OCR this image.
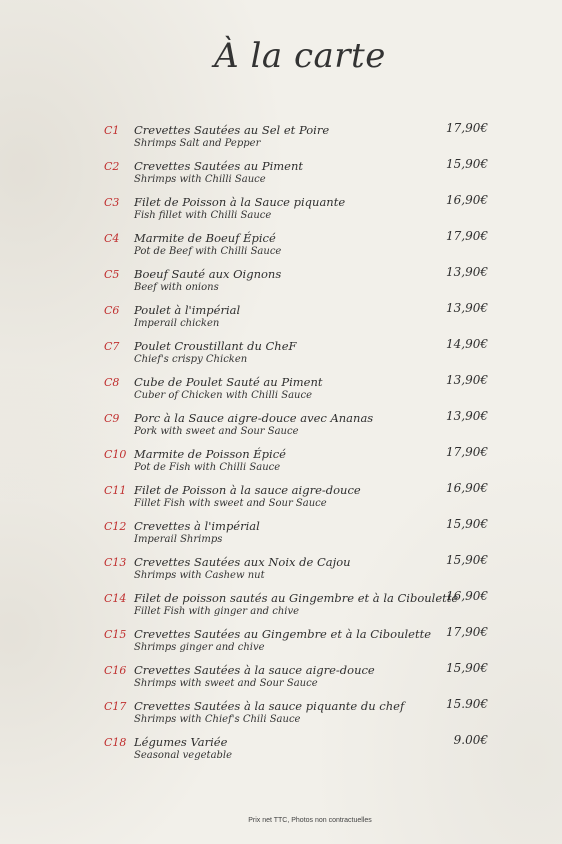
À la carte
C1 Crevettes Sautées au Sel et Poire
Shrimps Salt and Pepper
17,90€
C2 Crevettes Sautées au Piment
Shrimps with Chilli Sauce
15,90€
C3 Filet de Poisson à la Sauce piquante
Fish fillet with Chilli Sauce
16,90€
C4 Marmite de Boeuf Épicé
Pot de Beef with Chilli Sauce
17,90€
C5 Boeuf Sauté aux Oignons
Beef with onions
13,90€
C6 Poulet à l'impérial
Imperail chicken
13,90€
C7 Poulet Croustillant du CheF
Chief's crispy Chicken
14,90€
C8 Cube de Poulet Sauté au Piment
Cuber of Chicken with Chilli Sauce
13,90€
C9 Porc à la Sauce aigre-douce avec Ananas
Pork with sweet and Sour Sauce
13,90€
C10 Marmite de Poisson Épicé
Pot de Fish with Chilli Sauce
17,90€
C11 Filet de Poisson à la sauce aigre-douce
Fillet Fish with sweet and Sour Sauce
16,90€
C12 Crevettes à l'impérial
Imperail Shrimps
15,90€
C13 Crevettes Sautées aux Noix de Cajou
Shrimps with Cashew nut
15,90€
C14 Filet de poisson sautés au Gingembre et à la Ciboulette
Fillet Fish with ginger and chive
16,90€
C15 Crevettes Sautées au Gingembre et à la Ciboulette
Shrimps ginger and chive
17,90€
C16 Crevettes Sautées à la sauce aigre-douce
Shrimps with sweet and Sour Sauce
15,90€
C17 Crevettes Sautées à la sauce piquante du chef
Shrimps with Chief's Chili Sauce
15.90€
C18 Légumes Variée
Seasonal vegetable
9.00€
Prix net TTC, Photos non contractuelles
